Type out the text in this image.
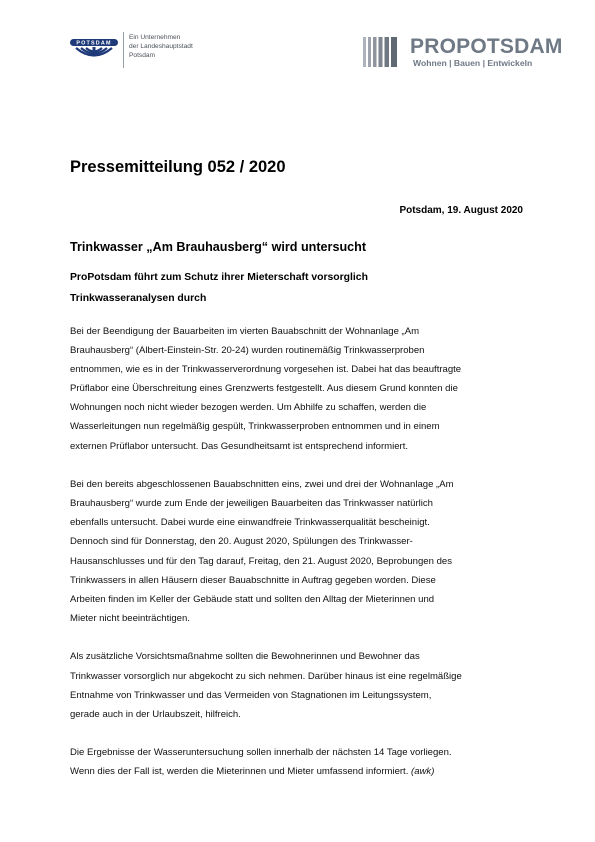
POTSDAM
Ein Unternehmen
der Landeshauptstadt
Potsdam	PROPOTSDAM
Wohnen | Bauen | Entwickeln
Pressemitteilung 052 / 2020
Potsdam, 19. August 2020
Trinkwasser „Am Brauhausberg“ wird untersucht
ProPotsdam führt zum Schutz ihrer Mieterschaft vorsorglich
Trinkwasseranalysen durch
Bei der Beendigung der Bauarbeiten im vierten Bauabschnitt der Wohnanlage „Am
Brauhausberg“ (Albert-Einstein-Str. 20-24) wurden routinemäßig Trinkwasserproben
entnommen, wie es in der Trinkwasserverordnung vorgesehen ist. Dabei hat das beauftragte
Prüflabor eine Überschreitung eines Grenzwerts festgestellt. Aus diesem Grund konnten die
Wohnungen noch nicht wieder bezogen werden. Um Abhilfe zu schaffen, werden die
Wasserleitungen nun regelmäßig gespült, Trinkwasserproben entnommen und in einem
externen Prüflabor untersucht. Das Gesundheitsamt ist entsprechend informiert.
Bei den bereits abgeschlossenen Bauabschnitten eins, zwei und drei der Wohnanlage „Am
Brauhausberg“ wurde zum Ende der jeweiligen Bauarbeiten das Trinkwasser natürlich
ebenfalls untersucht. Dabei wurde eine einwandfreie Trinkwasserqualität bescheinigt.
Dennoch sind für Donnerstag, den 20. August 2020, Spülungen des Trinkwasser-
Hausanschlusses und für den Tag darauf, Freitag, den 21. August 2020, Beprobungen des
Trinkwassers in allen Häusern dieser Bauabschnitte in Auftrag gegeben worden. Diese
Arbeiten finden im Keller der Gebäude statt und sollten den Alltag der Mieterinnen und
Mieter nicht beeinträchtigen.
Als zusätzliche Vorsichtsmaßnahme sollten die Bewohnerinnen und Bewohner das
Trinkwasser vorsorglich nur abgekocht zu sich nehmen. Darüber hinaus ist eine regelmäßige
Entnahme von Trinkwasser und das Vermeiden von Stagnationen im Leitungssystem,
gerade auch in der Urlaubszeit, hilfreich.
Die Ergebnisse der Wasseruntersuchung sollen innerhalb der nächsten 14 Tage vorliegen.
Wenn dies der Fall ist, werden die Mieterinnen und Mieter umfassend informiert. (awk)
